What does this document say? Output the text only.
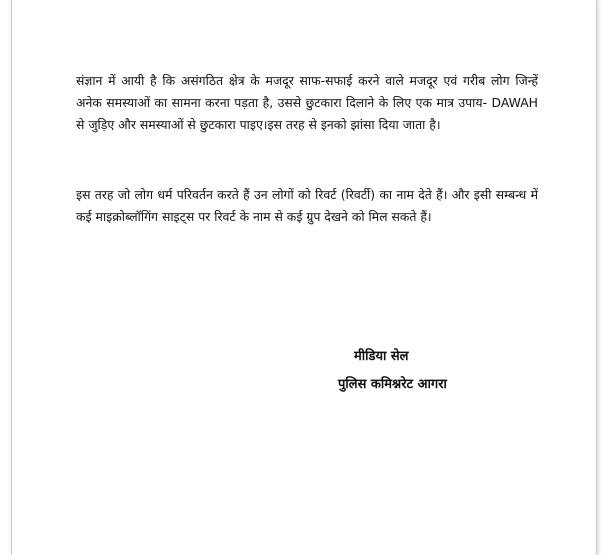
संज्ञान में आयी है कि असंगठित क्षेत्र के मजदूर साफ-सफाई करने वाले मजदूर एवं गरीब लोग जिन्हें अनेक समस्याओं का सामना करना पड़ता है, उससे छुटकारा दिलाने के लिए एक मात्र उपाय- DAWAH से जुड़िए और समस्याओं से छुटकारा पाइए।इस तरह से इनको झांसा दिया जाता है।

इस तरह जो लोग धर्म परिवर्तन करते हैं उन लोगों को रिवर्ट (रिवर्टी) का नाम देते हैं। और इसी सम्बन्ध में कई माइक्रोब्लॉगिंग साइट्स पर रिवर्ट के नाम से कई ग्रुप देखने को मिल सकते हैं।

मीडिया सेल
पुलिस कमिश्नरेट आगरा
